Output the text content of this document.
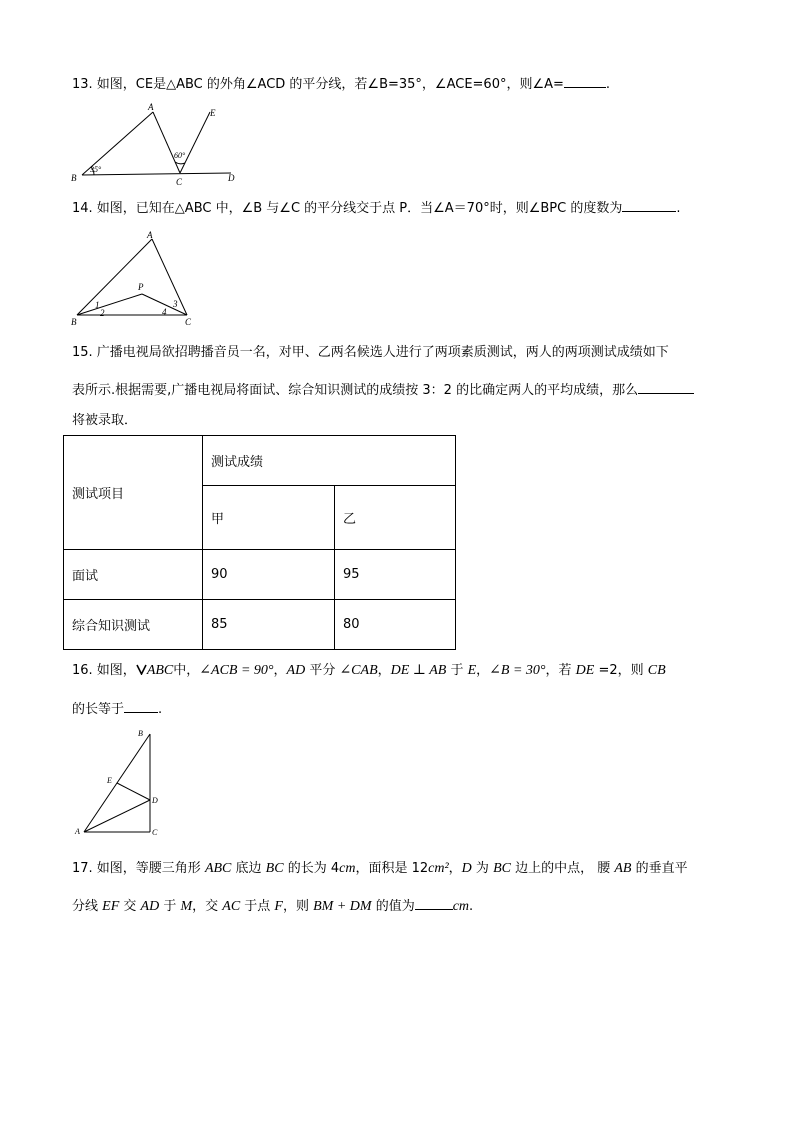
13. 如图，CE是△ABC 的外角∠ACD 的平分线，若∠B=35°，∠ACE=60°，则∠A=	.
A
B	C	D
E
35°
60°
14. 如图，已知在△ABC 中，∠B 与∠C 的平分线交于点 P．当∠A＝70°时，则∠BPC 的度数为	.
A
B	C
P
1
2
3
4
15. 广播电视局欲招聘播音员一名，对甲、乙两名候选人进行了两项素质测试，两人的两项测试成绩如下
表所示.根据需要,广播电视局将面试、综合知识测试的成绩按 3：2 的比确定两人的平均成绩，那么
将被录取．
测试项目	测试成绩	
	甲	乙
面试	90	95
综合知识测试	85	80
16. 如图， ABC中，∠ACB = 90°，AD 平分 ∠CAB，DE ⊥ AB 于 E，∠B = 30°，若 DE =2，则 CB
的长等于	.
A
B
C
D
E
17. 如图，等腰三角形 ABC 底边 BC 的长为 4cm，面积是 12cm²，D 为 BC 边上的中点， 腰 AB 的垂直平
分线 EF 交 AD 于 M，交 AC 于点 F，则 BM + DM 的值为	cm.
